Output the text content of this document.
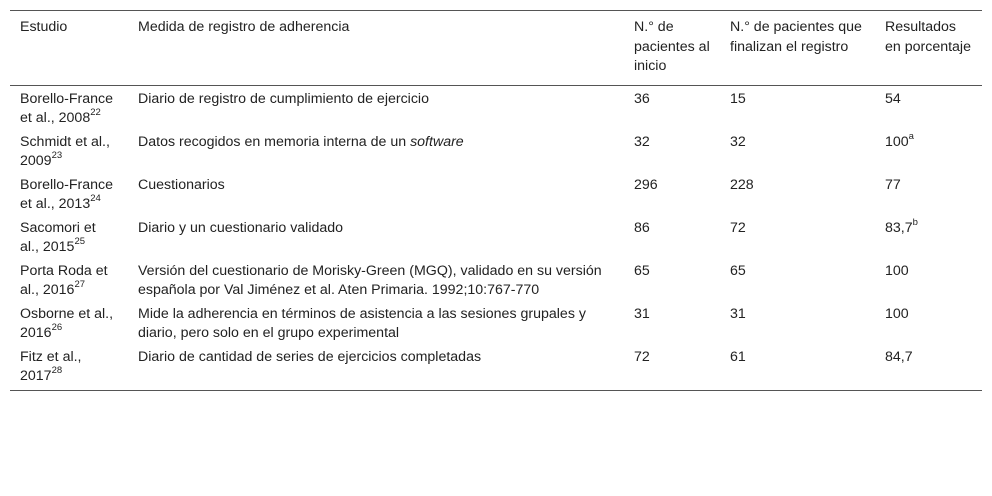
Estudio	Medida de registro de adherencia	N.° de pacientes al inicio	N.° de pacientes que finalizan el registro	Resultados en porcentaje
Borello-France et al., 2008$^{22}$	Diario de registro de cumplimiento de ejercicio	36	15	54
Schmidt et al., 2009$^{23}$	Datos recogidos en memoria interna de un software	32	32	100$^a$
Borello-France et al., 2013$^{24}$	Cuestionarios	296	228	77
Sacomori et al., 2015$^{25}$	Diario y un cuestionario validado	86	72	83,7$^b$
Porta Roda et al., 2016$^{27}$	Versión del cuestionario de Morisky-Green (MGQ), validado en su versión española por Val Jiménez et al. Aten Primaria. 1992;10:767-770	65	65	100
Osborne et al., 2016$^{26}$	Mide la adherencia en términos de asistencia a las sesiones grupales y diario, pero solo en el grupo experimental	31	31	100
Fitz et al., 2017$^{28}$	Diario de cantidad de series de ejercicios completadas	72	61	84,7
